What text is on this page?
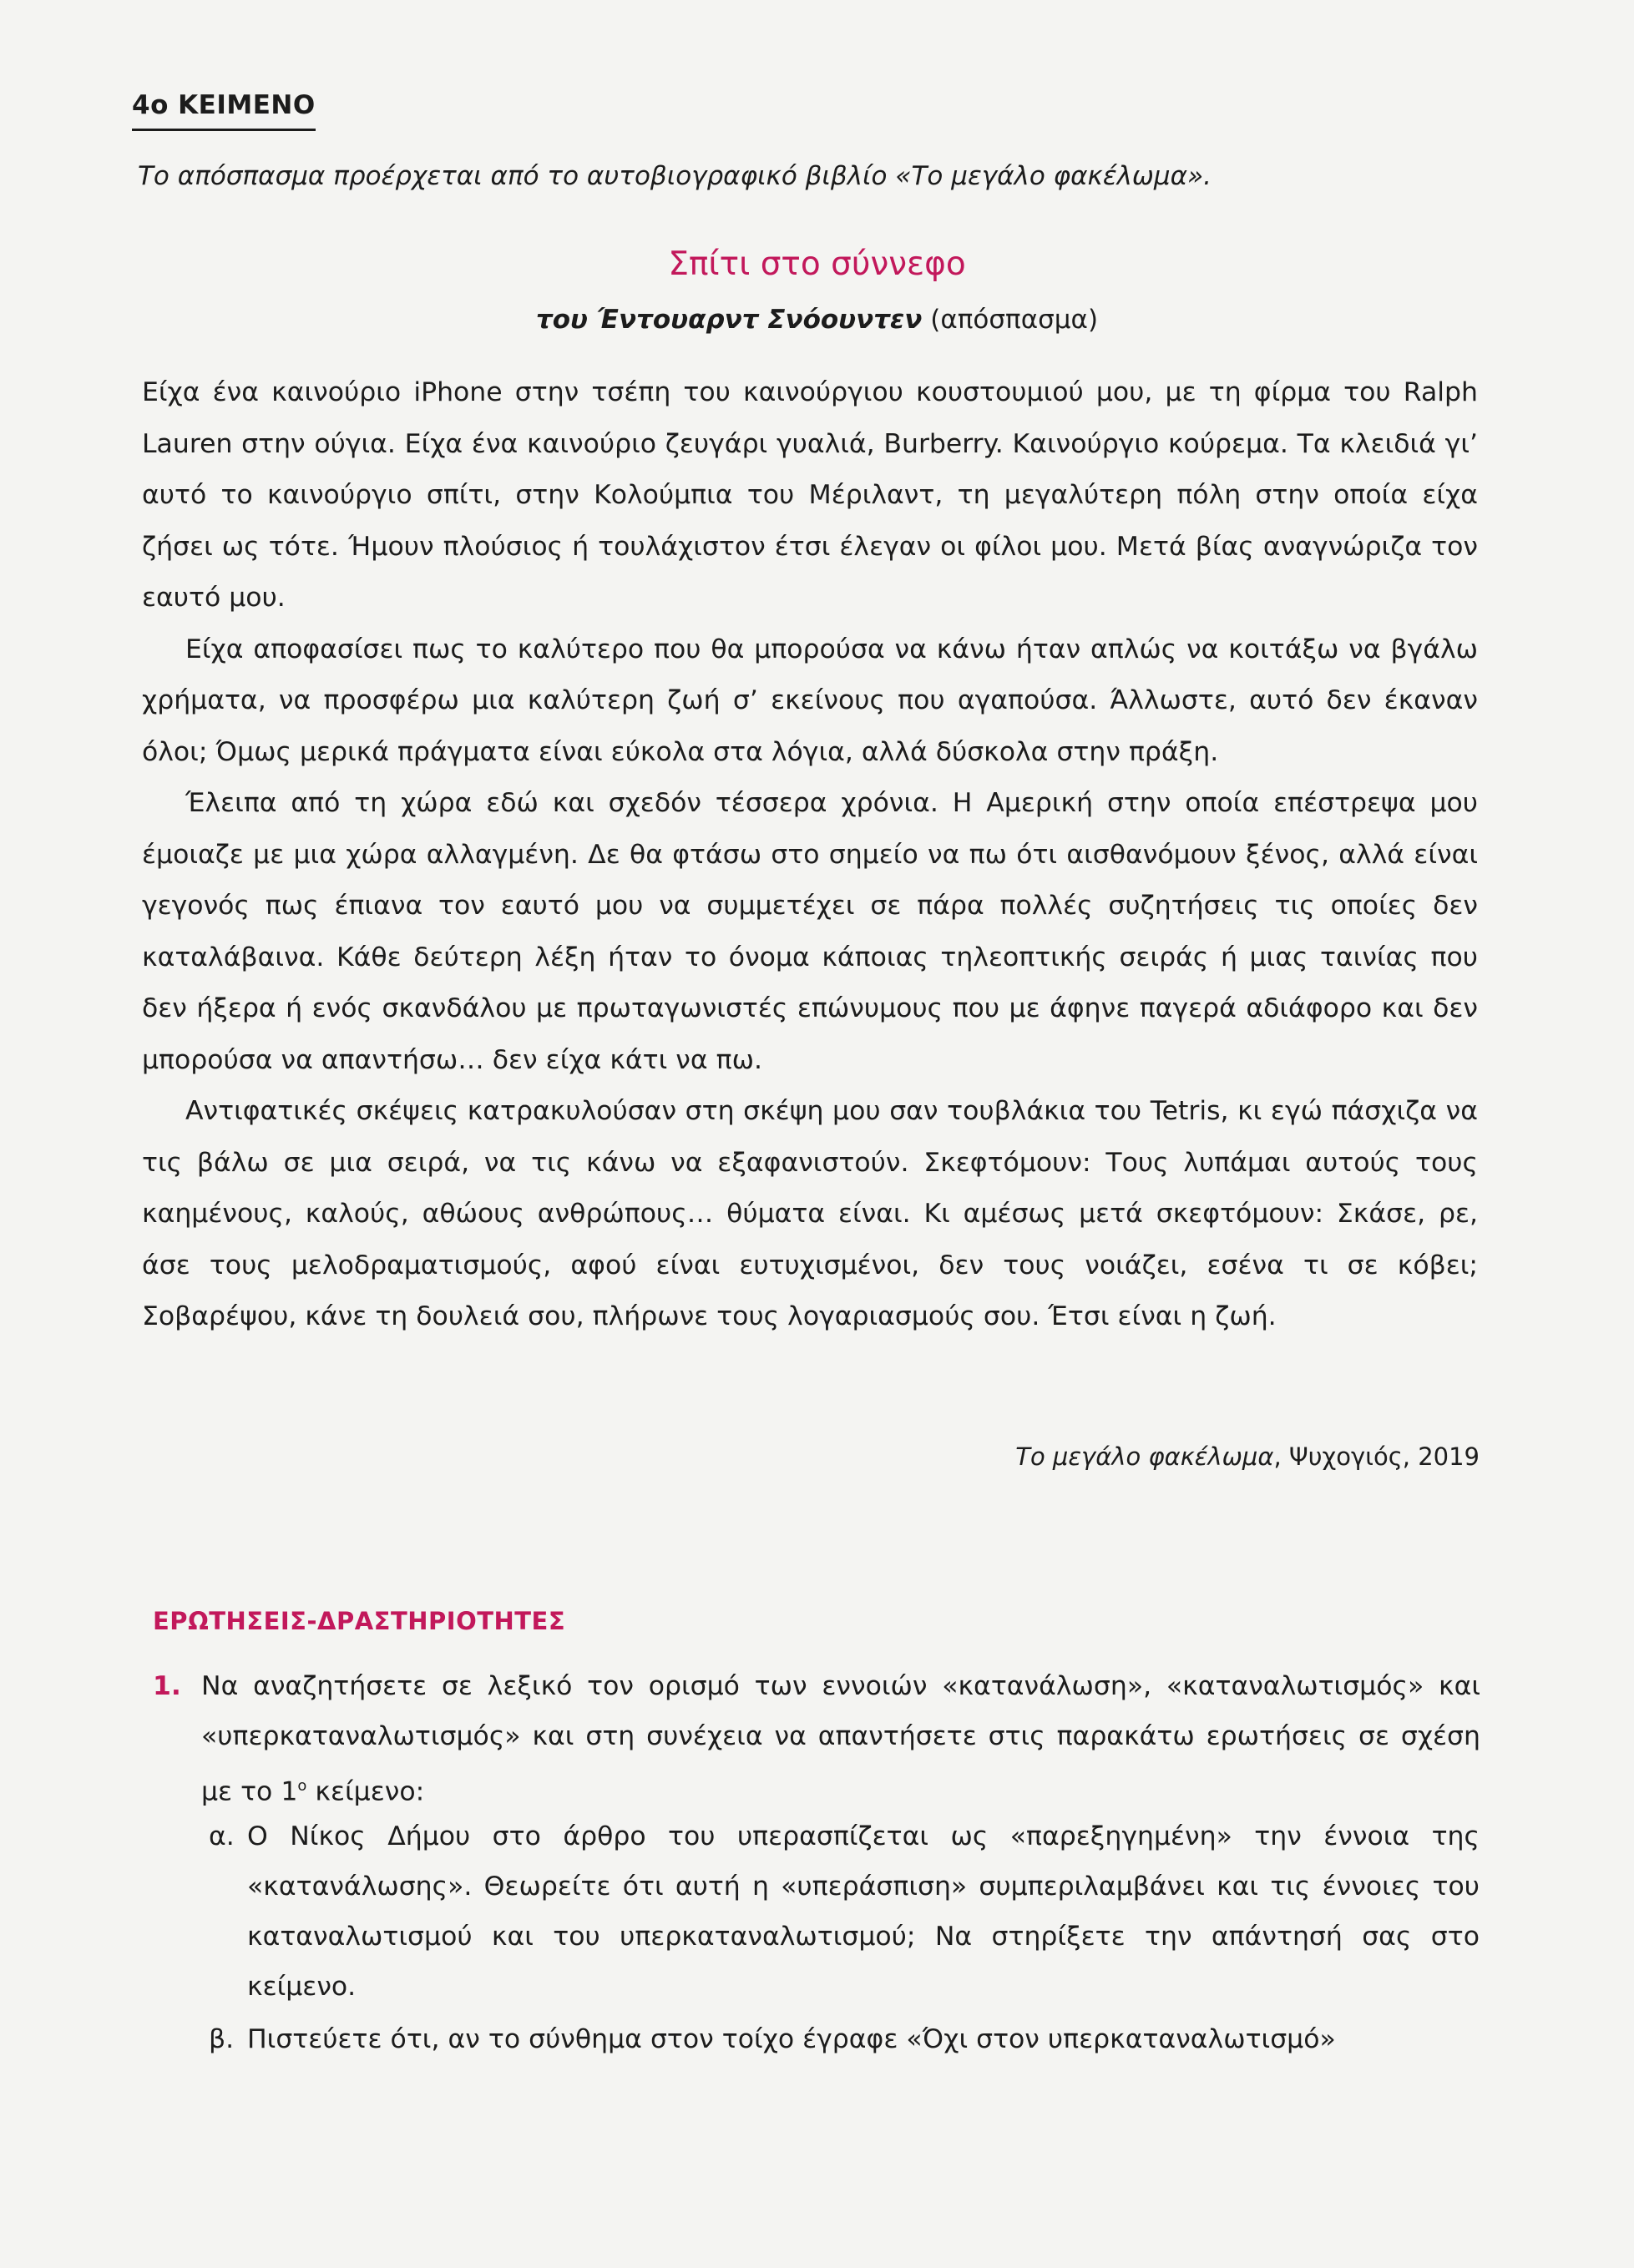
4ο ΚΕΙΜΕΝΟ
Το απόσπασμα προέρχεται από το αυτοβιογραφικό βιβλίο «Το μεγάλο φακέλωμα».
Σπίτι στο σύννεφο
του Έντουαρντ Σνόουντεν (απόσπασμα)

Είχα ένα καινούριο iPhone στην τσέπη του καινούργιου κουστουμιού μου, με τη φίρμα του Ralph Lauren στην ούγια. Είχα ένα καινούριο ζευγάρι γυαλιά, Burberry. Καινούργιο κούρεμα. Τα κλειδιά γι’ αυτό το καινούργιο σπίτι, στην Κολούμπια του Μέριλαντ, τη μεγαλύτερη πόλη στην οποία είχα ζήσει ως τότε. Ήμουν πλούσιος ή τουλάχιστον έτσι έλεγαν οι φίλοι μου. Μετά βίας αναγνώριζα τον εαυτό μου.

Είχα αποφασίσει πως το καλύτερο που θα μπορούσα να κάνω ήταν απλώς να κοιτάξω να βγάλω χρήματα, να προσφέρω μια καλύτερη ζωή σ’ εκείνους που αγαπούσα. Άλλωστε, αυτό δεν έκαναν όλοι; Όμως μερικά πράγματα είναι εύκολα στα λόγια, αλλά δύσκολα στην πράξη.

Έλειπα από τη χώρα εδώ και σχεδόν τέσσερα χρόνια. Η Αμερική στην οποία επέστρεψα μου έμοιαζε με μια χώρα αλλαγμένη. Δε θα φτάσω στο σημείο να πω ότι αισθανόμουν ξένος, αλλά είναι γεγονός πως έπιανα τον εαυτό μου να συμμετέχει σε πάρα πολλές συζητήσεις τις οποίες δεν καταλάβαινα. Κάθε δεύτερη λέξη ήταν το όνομα κάποιας τηλεοπτικής σειράς ή μιας ταινίας που δεν ήξερα ή ενός σκανδάλου με πρωταγωνιστές επώνυμους που με άφηνε παγερά αδιάφορο και δεν μπορούσα να απαντήσω… δεν είχα κάτι να πω.

Αντιφατικές σκέψεις κατρακυλούσαν στη σκέψη μου σαν τουβλάκια του Tetris, κι εγώ πάσχιζα να τις βάλω σε μια σειρά, να τις κάνω να εξαφανιστούν. Σκεφτόμουν: Τους λυπάμαι αυτούς τους καημένους, καλούς, αθώους ανθρώπους… θύματα είναι. Κι αμέσως μετά σκεφτόμουν: Σκάσε, ρε, άσε τους μελοδραματισμούς, αφού είναι ευτυχισμένοι, δεν τους νοιάζει, εσένα τι σε κόβει; Σοβαρέψου, κάνε τη δουλειά σου, πλήρωνε τους λογαριασμούς σου. Έτσι είναι η ζωή.

Το μεγάλο φακέλωμα, Ψυχογιός, 2019
ΕΡΩΤΗΣΕΙΣ-ΔΡΑΣΤΗΡΙΟΤΗΤΕΣ
1. Να αναζητήσετε σε λεξικό τον ορισμό των εννοιών «κατανάλωση», «καταναλωτισμός» και «υπερκαταναλωτισμός» και στη συνέχεια να απαντήσετε στις παρακάτω ερωτήσεις σε σχέση με το $1^o$ κείμενο:
α. Ο Νίκος Δήμου στο άρθρο του υπερασπίζεται ως «παρεξηγημένη» την έννοια της «κατανάλωσης». Θεωρείτε ότι αυτή η «υπεράσπιση» συμπεριλαμβάνει και τις έννοιες του καταναλωτισμού και του υπερκαταναλωτισμού; Να στηρίξετε την απάντησή σας στο κείμενο.
β. Πιστεύετε ότι, αν το σύνθημα στον τοίχο έγραφε «Όχι στον υπερκαταναλωτισμό»
